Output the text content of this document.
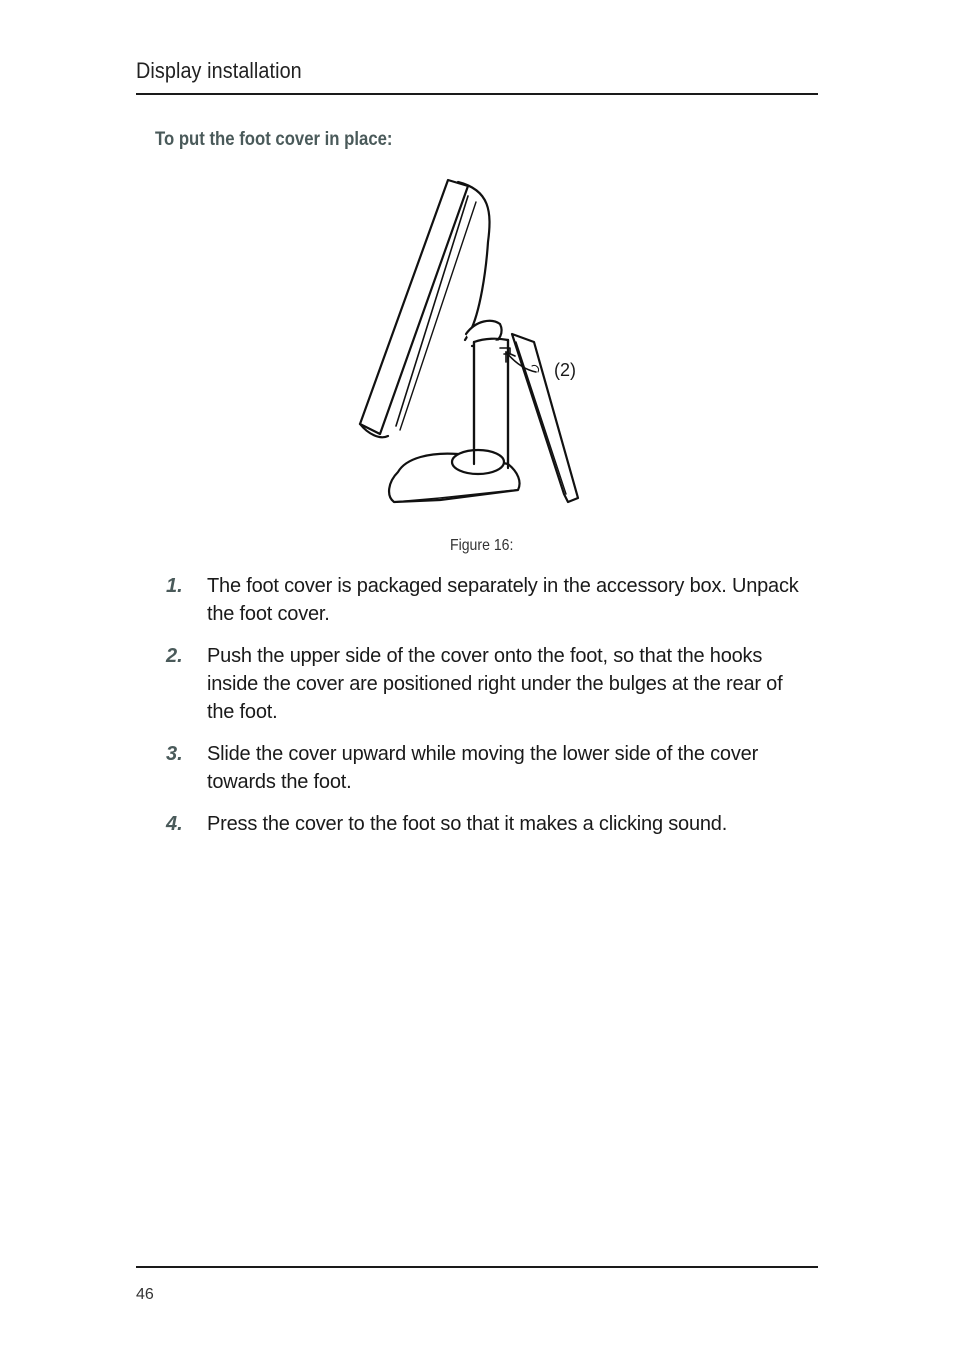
Display installation
To put the foot cover in place:
(2)
Figure 16:
1.	The foot cover is packaged separately in the accessory box. Unpack the foot cover.
2.	Push the upper side of the cover onto the foot, so that the hooks inside the cover are positioned right under the bulges at the rear of the foot.
3.	Slide the cover upward while moving the lower side of the cover towards the foot.
4.	Press the cover to the foot so that it makes a clicking sound.
46
